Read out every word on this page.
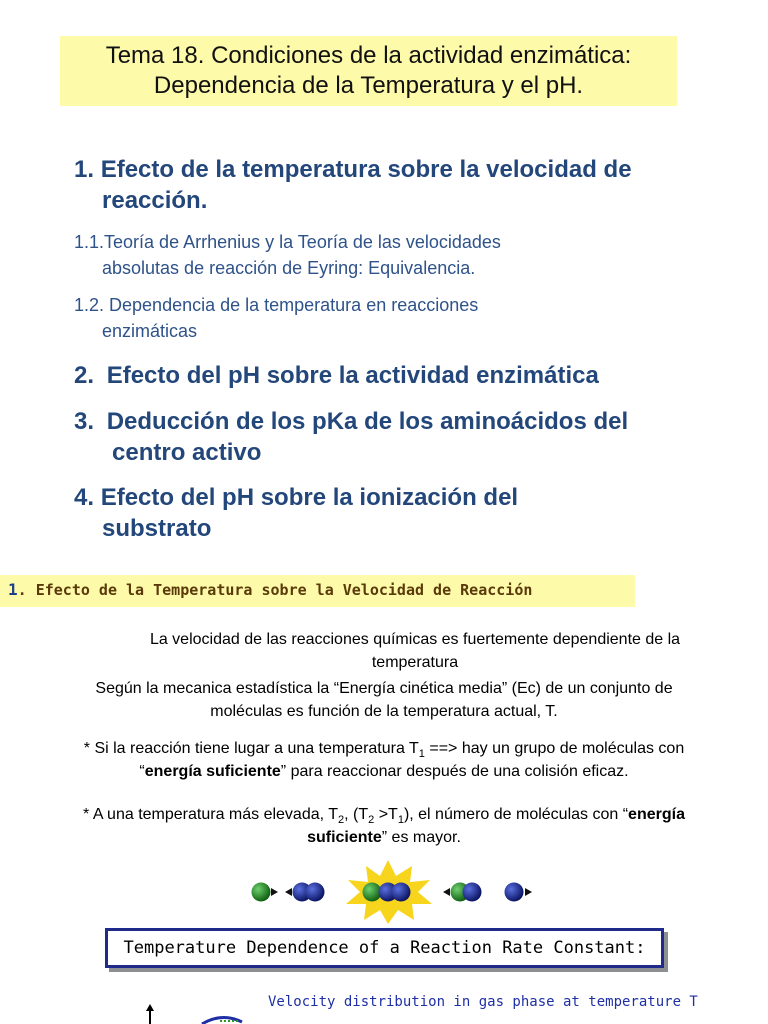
Tema 18. Condiciones de la actividad enzimática:
Dependencia de la Temperatura y el pH.
1. Efecto de la temperatura sobre la velocidad de
reacción.
1.1.Teoría de Arrhenius y la Teoría de las velocidades
absolutas de reacción de Eyring: Equivalencia.
1.2. Dependencia de la temperatura en reacciones
enzimáticas
2. Efecto del pH sobre la actividad enzimática
3. Deducción de los pKa de los aminoácidos del
centro activo
4. Efecto del pH sobre la ionización del
substrato
1. Efecto de la Temperatura sobre la Velocidad de Reacción
La velocidad de las reacciones químicas es fuertemente dependiente de la
temperatura
Según la mecanica estadística la “Energía cinética media” (Ec) de un conjunto de
moléculas es función de la temperatura actual, T.
* Si la reacción tiene lugar a una temperatura $T_1$ ==> hay un grupo de moléculas con
“energía suficiente” para reaccionar después de una colisión eficaz.
* A una temperatura más elevada, $T_2$, $(T_2 >T_1)$, el número de moléculas con “energía
suficiente” es mayor.
Temperature Dependence of a Reaction Rate Constant:
Velocity distribution in gas phase at temperature T
